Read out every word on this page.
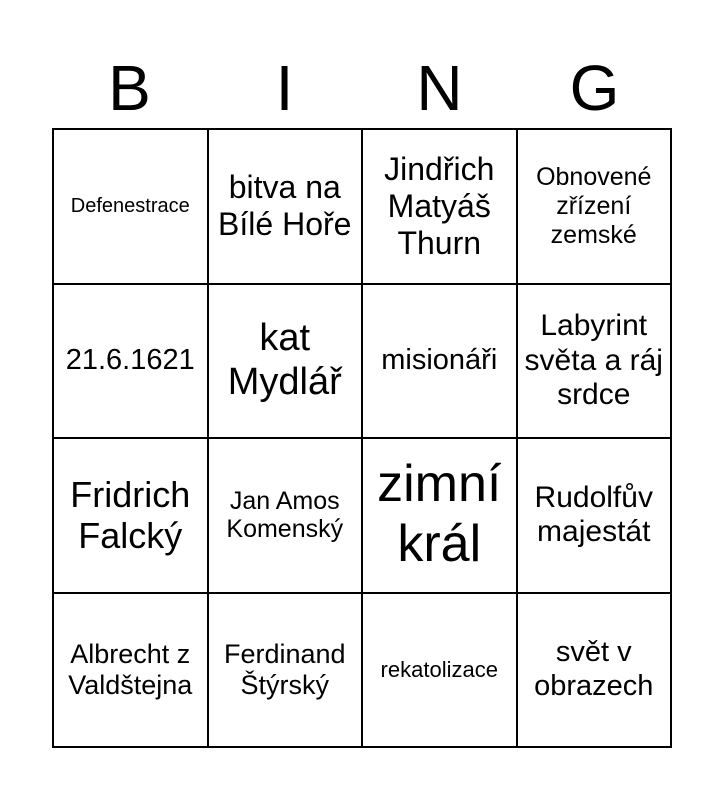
B	I	N	G
Defenestrace
bitva na Bílé Hoře
Jindřich Matyáš Thurn
Obnovené zřízení zemské
21.6.1621
kat Mydlář
misionáři
Labyrint světa a ráj srdce
Fridrich Falcký
Jan Amos Komenský
zimní král
Rudolfův majestát
Albrecht z Valdštejna
Ferdinand Štýrský
rekatolizace
svět v obrazech
